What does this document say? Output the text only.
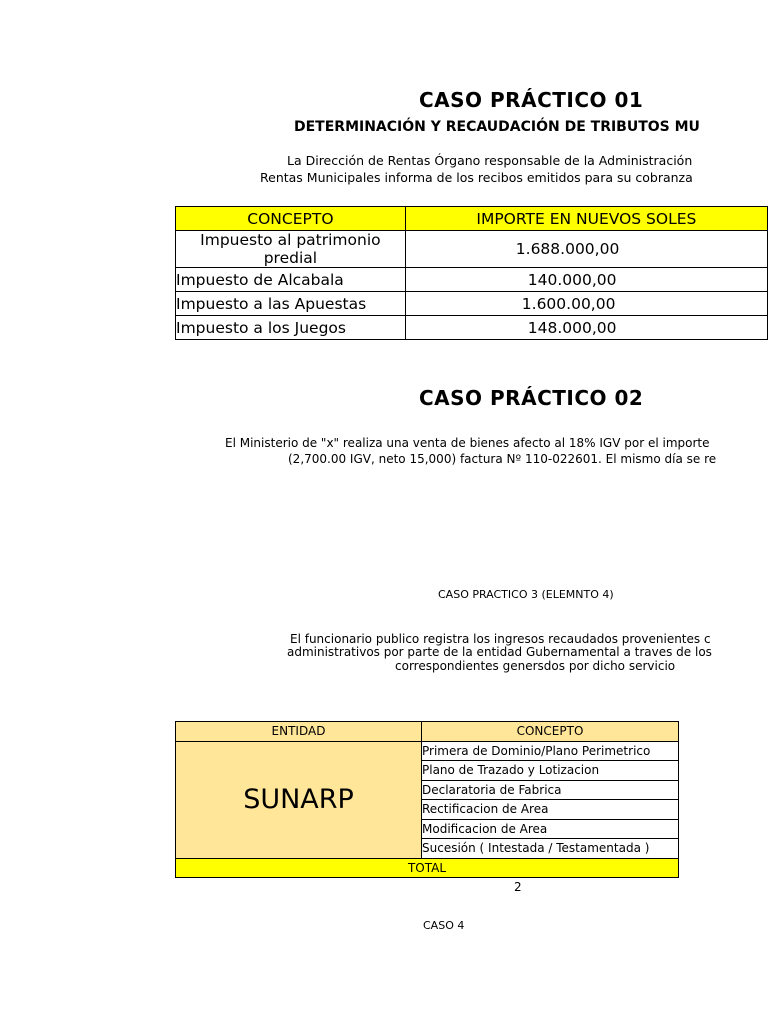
CASO PRÁCTICO 01
DETERMINACIÓN Y RECAUDACIÓN DE TRIBUTOS MU
La Dirección de Rentas Órgano responsable de la Administración
Rentas Municipales informa de los recibos emitidos para su cobranza
CONCEPTO	IMPORTE EN NUEVOS SOLES
Impuesto al patrimonio predial	1.688.000,00
Impuesto de Alcabala	140.000,00
Impuesto a las Apuestas	1.600.00,00
Impuesto a los Juegos	148.000,00
CASO PRÁCTICO 02
El Ministerio de "x" realiza una venta de bienes afecto al 18% IGV por el importe
(2,700.00 IGV, neto 15,000) factura Nº 110-022601. El mismo día se re
CASO PRACTICO 3 (ELEMNTO 4)
El funcionario publico registra los ingresos recaudados provenientes c
administrativos por parte de la entidad Gubernamental a traves de los
correspondientes genersdos por dicho servicio
ENTIDAD	CONCEPTO
SUNARP	Primera de Dominio/Plano Perimetrico
	Plano de Trazado y Lotizacion
	Declaratoria de Fabrica
	Rectificacion de Area
	Modificacion de Area
	Sucesión ( Intestada / Testamentada )
TOTAL	
2
CASO 4
